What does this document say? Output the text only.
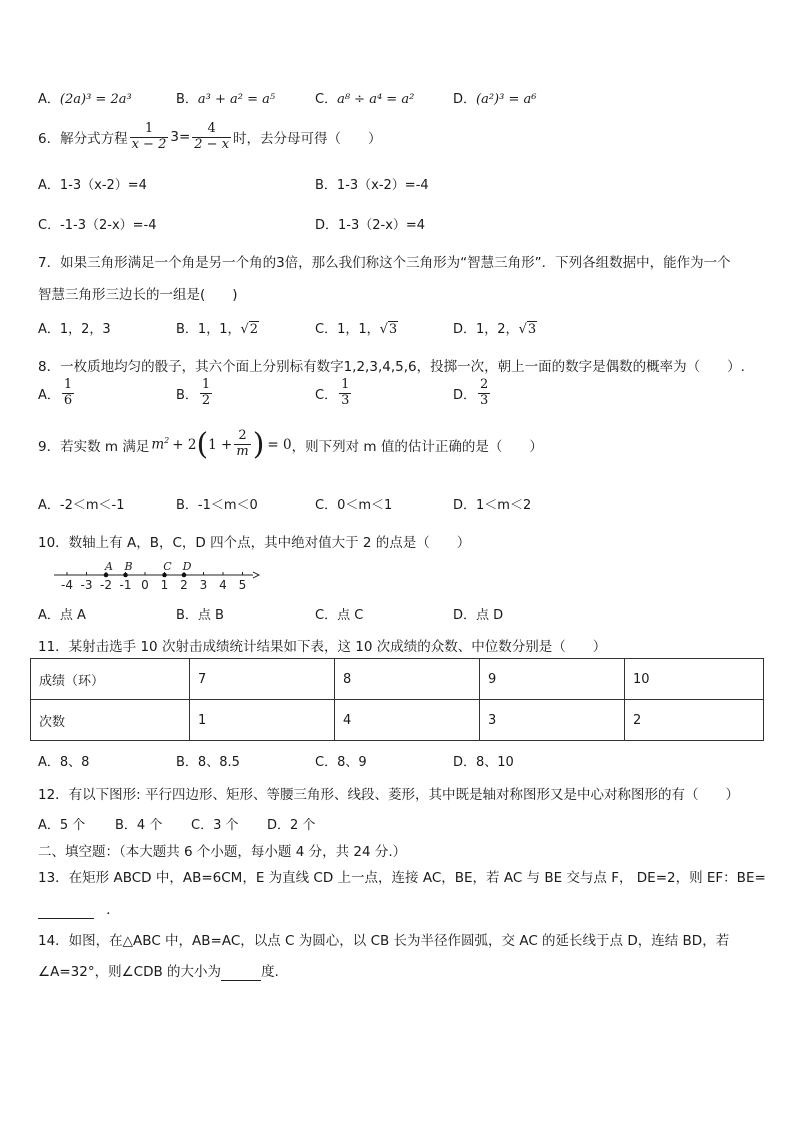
A．(2a)³ = 2a³	B．a³ + a² = a⁵	C．a⁸ ÷ a⁴ = a²	D．(a²)³ = a⁶
6．解分式方程 $\frac{1}{x - 2} 3= \frac{4}{2 - x}$ 时，去分母可得（　　）
A．1-3（x-2）=4	B．1-3（x-2）=-4
C．-1-3（2-x）=-4	D．1-3（2-x）=4
7．如果三角形满足一个角是另一个角的3倍，那么我们称这个三角形为“智慧三角形”．下列各组数据中，能作为一个
智慧三角形三边长的一组是(　　)
A．1，2，3	B．1，1，√2	C．1，1，√3	D．1，2，√3
8．一枚质地均匀的骰子，其六个面上分别标有数字1,2,3,4,5,6，投掷一次，朝上一面的数字是偶数的概率为（　　）.
A． $\frac{1}{6}$	B． $\frac{1}{2}$	C． $\frac{1}{3}$	D． $\frac{2}{3}$
9．若实数 m 满足 $m^2 + 2$ ( $1 + \frac{2}{m}$ ) = 0 ，则下列对 m 值的估计正确的是（　　）
A．-2＜m＜-1	B．-1＜m＜0	C．0＜m＜1	D．1＜m＜2
10．数轴上有 A，B，C，D 四个点，其中绝对值大于 2 的点是（　　）
-4 -3 -2 -1 0 1 2 3 4 5
A B	C D
A．点 A	B．点 B	C．点 C	D．点 D
11．某射击选手 10 次射击成绩统计结果如下表，这 10 次成绩的众数、中位数分别是（　　）
成绩（环）	7	8	9	10
次数	1	4	3	2
A．8、8	B．8、8.5	C．8、9	D．8、10
12．有以下图形: 平行四边形、矩形、等腰三角形、线段、菱形，其中既是轴对称图形又是中心对称图形的有（　　）
A．5 个 B．4 个 C．3 个 D．2 个
二、填空题：（本大题共 6 个小题，每小题 4 分，共 24 分.）
13．在矩形 ABCD 中，AB=6CM，E 为直线 CD 上一点，连接 AC，BE，若 AC 与 BE 交与点 F， DE=2，则 EF：BE=
．
14．如图，在△ABC 中，AB=AC，以点 C 为圆心，以 CB 长为半径作圆弧，交 AC 的延长线于点 D，连结 BD，若
∠A=32°，则∠CDB 的大小为	度.
